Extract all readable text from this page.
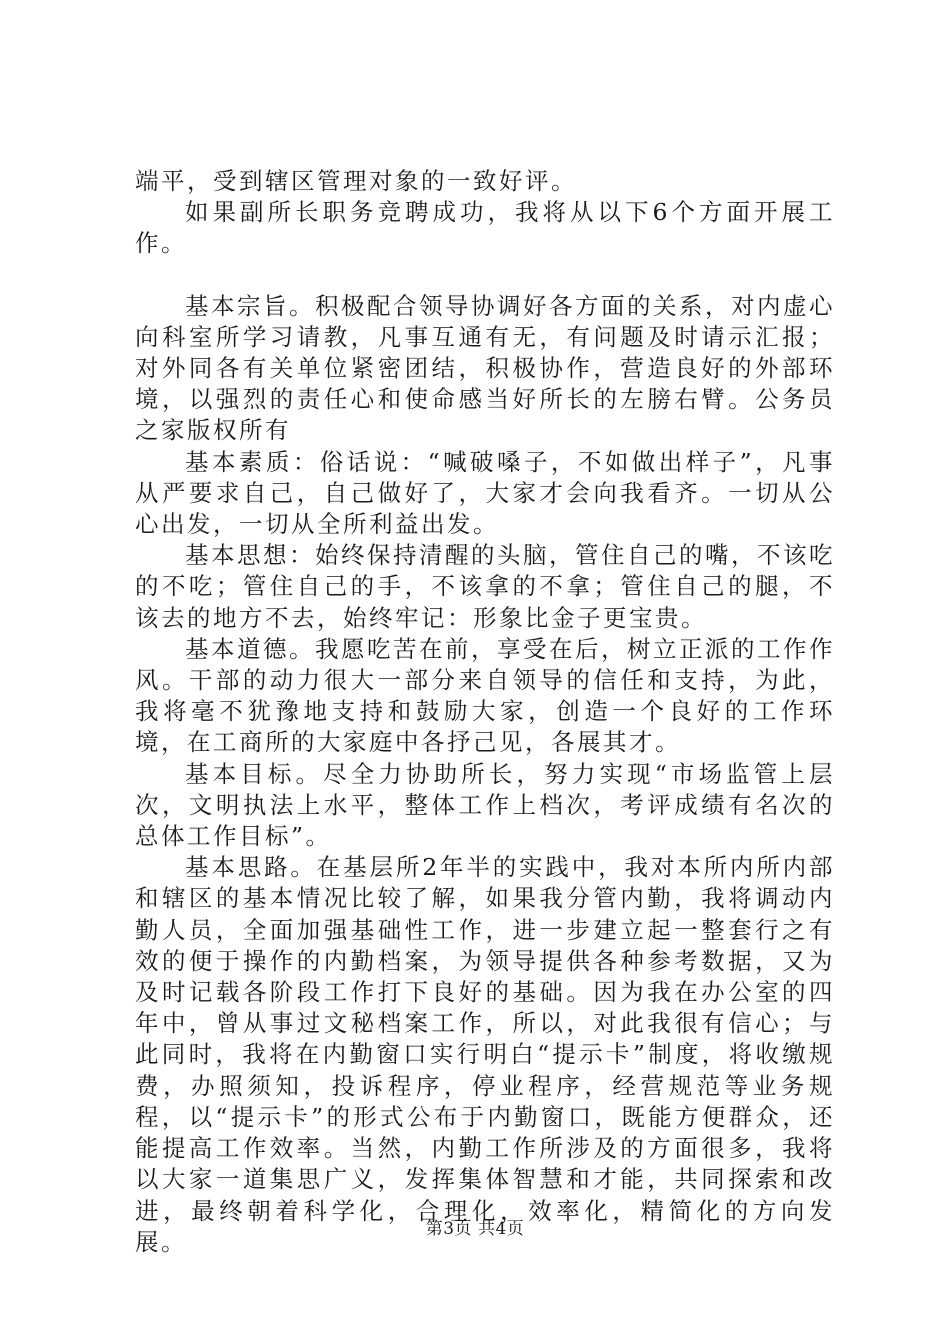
端平，受到辖区管理对象的一致好评。

如果副所长职务竞聘成功，我将从以下6个方面开展工作。

基本宗旨。积极配合领导协调好各方面的关系，对内虚心向科室所学习请教，凡事互通有无，有问题及时请示汇报；对外同各有关单位紧密团结，积极协作，营造良好的外部环境，以强烈的责任心和使命感当好所长的左膀右臂。公务员之家版权所有

基本素质：俗话说：“喊破嗓子，不如做出样子”，凡事从严要求自己，自己做好了，大家才会向我看齐。一切从公心出发，一切从全所利益出发。

基本思想：始终保持清醒的头脑，管住自己的嘴，不该吃的不吃；管住自己的手，不该拿的不拿；管住自己的腿，不该去的地方不去，始终牢记：形象比金子更宝贵。

基本道德。我愿吃苦在前，享受在后，树立正派的工作作风。干部的动力很大一部分来自领导的信任和支持，为此，我将毫不犹豫地支持和鼓励大家，创造一个良好的工作环境，在工商所的大家庭中各抒己见，各展其才。

基本目标。尽全力协助所长，努力实现“市场监管上层次，文明执法上水平，整体工作上档次，考评成绩有名次的总体工作目标”。

基本思路。在基层所2年半的实践中，我对本所内所内部和辖区的基本情况比较了解，如果我分管内勤，我将调动内勤人员，全面加强基础性工作，进一步建立起一整套行之有效的便于操作的内勤档案，为领导提供各种参考数据，又为及时记载各阶段工作打下良好的基础。因为我在办公室的四年中，曾从事过文秘档案工作，所以，对此我很有信心；与此同时，我将在内勤窗口实行明白“提示卡”制度，将收缴规费，办照须知，投诉程序，停业程序，经营规范等业务规程，以“提示卡”的形式公布于内勤窗口，既能方便群众，还能提高工作效率。当然，内勤工作所涉及的方面很多，我将以大家一道集思广义，发挥集体智慧和才能，共同探索和改进，最终朝着科学化，合理化，效率化，精简化的方向发展。	第3页 共4页
